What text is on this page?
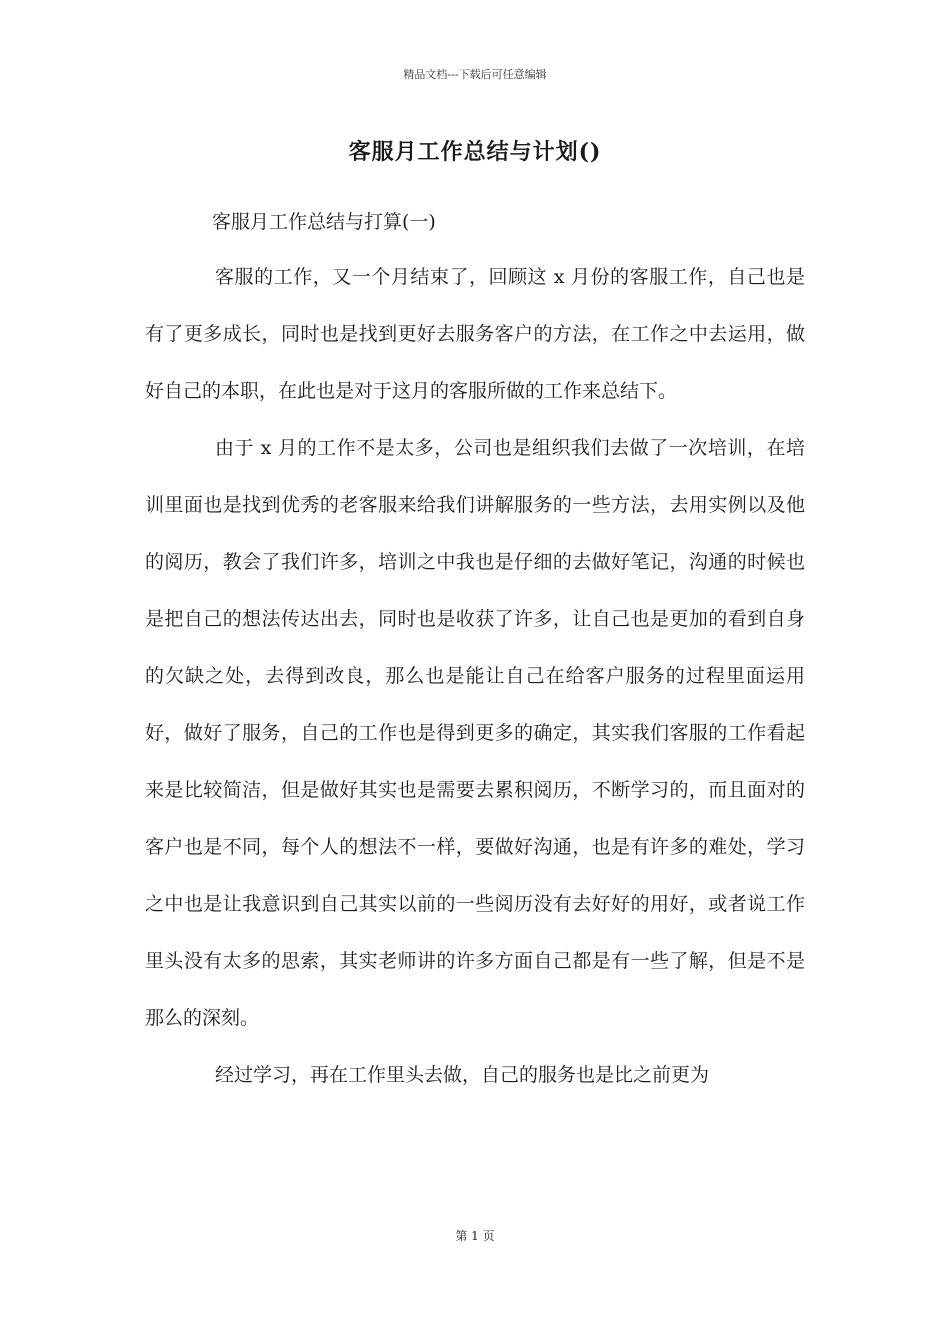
精品文档---下载后可任意编辑
客服月工作总结与计划()
客服月工作总结与打算(一)

客服的工作，又一个月结束了，回顾这 x 月份的客服工作，自己也是有了更多成长，同时也是找到更好去服务客户的方法，在工作之中去运用，做好自己的本职，在此也是对于这月的客服所做的工作来总结下。

由于 x 月的工作不是太多，公司也是组织我们去做了一次培训，在培训里面也是找到优秀的老客服来给我们讲解服务的一些方法，去用实例以及他的阅历，教会了我们许多，培训之中我也是仔细的去做好笔记，沟通的时候也是把自己的想法传达出去，同时也是收获了许多，让自己也是更加的看到自身的欠缺之处，去得到改良，那么也是能让自己在给客户服务的过程里面运用好，做好了服务，自己的工作也是得到更多的确定，其实我们客服的工作看起来是比较简洁，但是做好其实也是需要去累积阅历，不断学习的，而且面对的客户也是不同，每个人的想法不一样，要做好沟通，也是有许多的难处，学习之中也是让我意识到自己其实以前的一些阅历没有去好好的用好，或者说工作里头没有太多的思索，其实老师讲的许多方面自己都是有一些了解，但是不是那么的深刻。

经过学习，再在工作里头去做，自己的服务也是比之前更为

第 1 页
